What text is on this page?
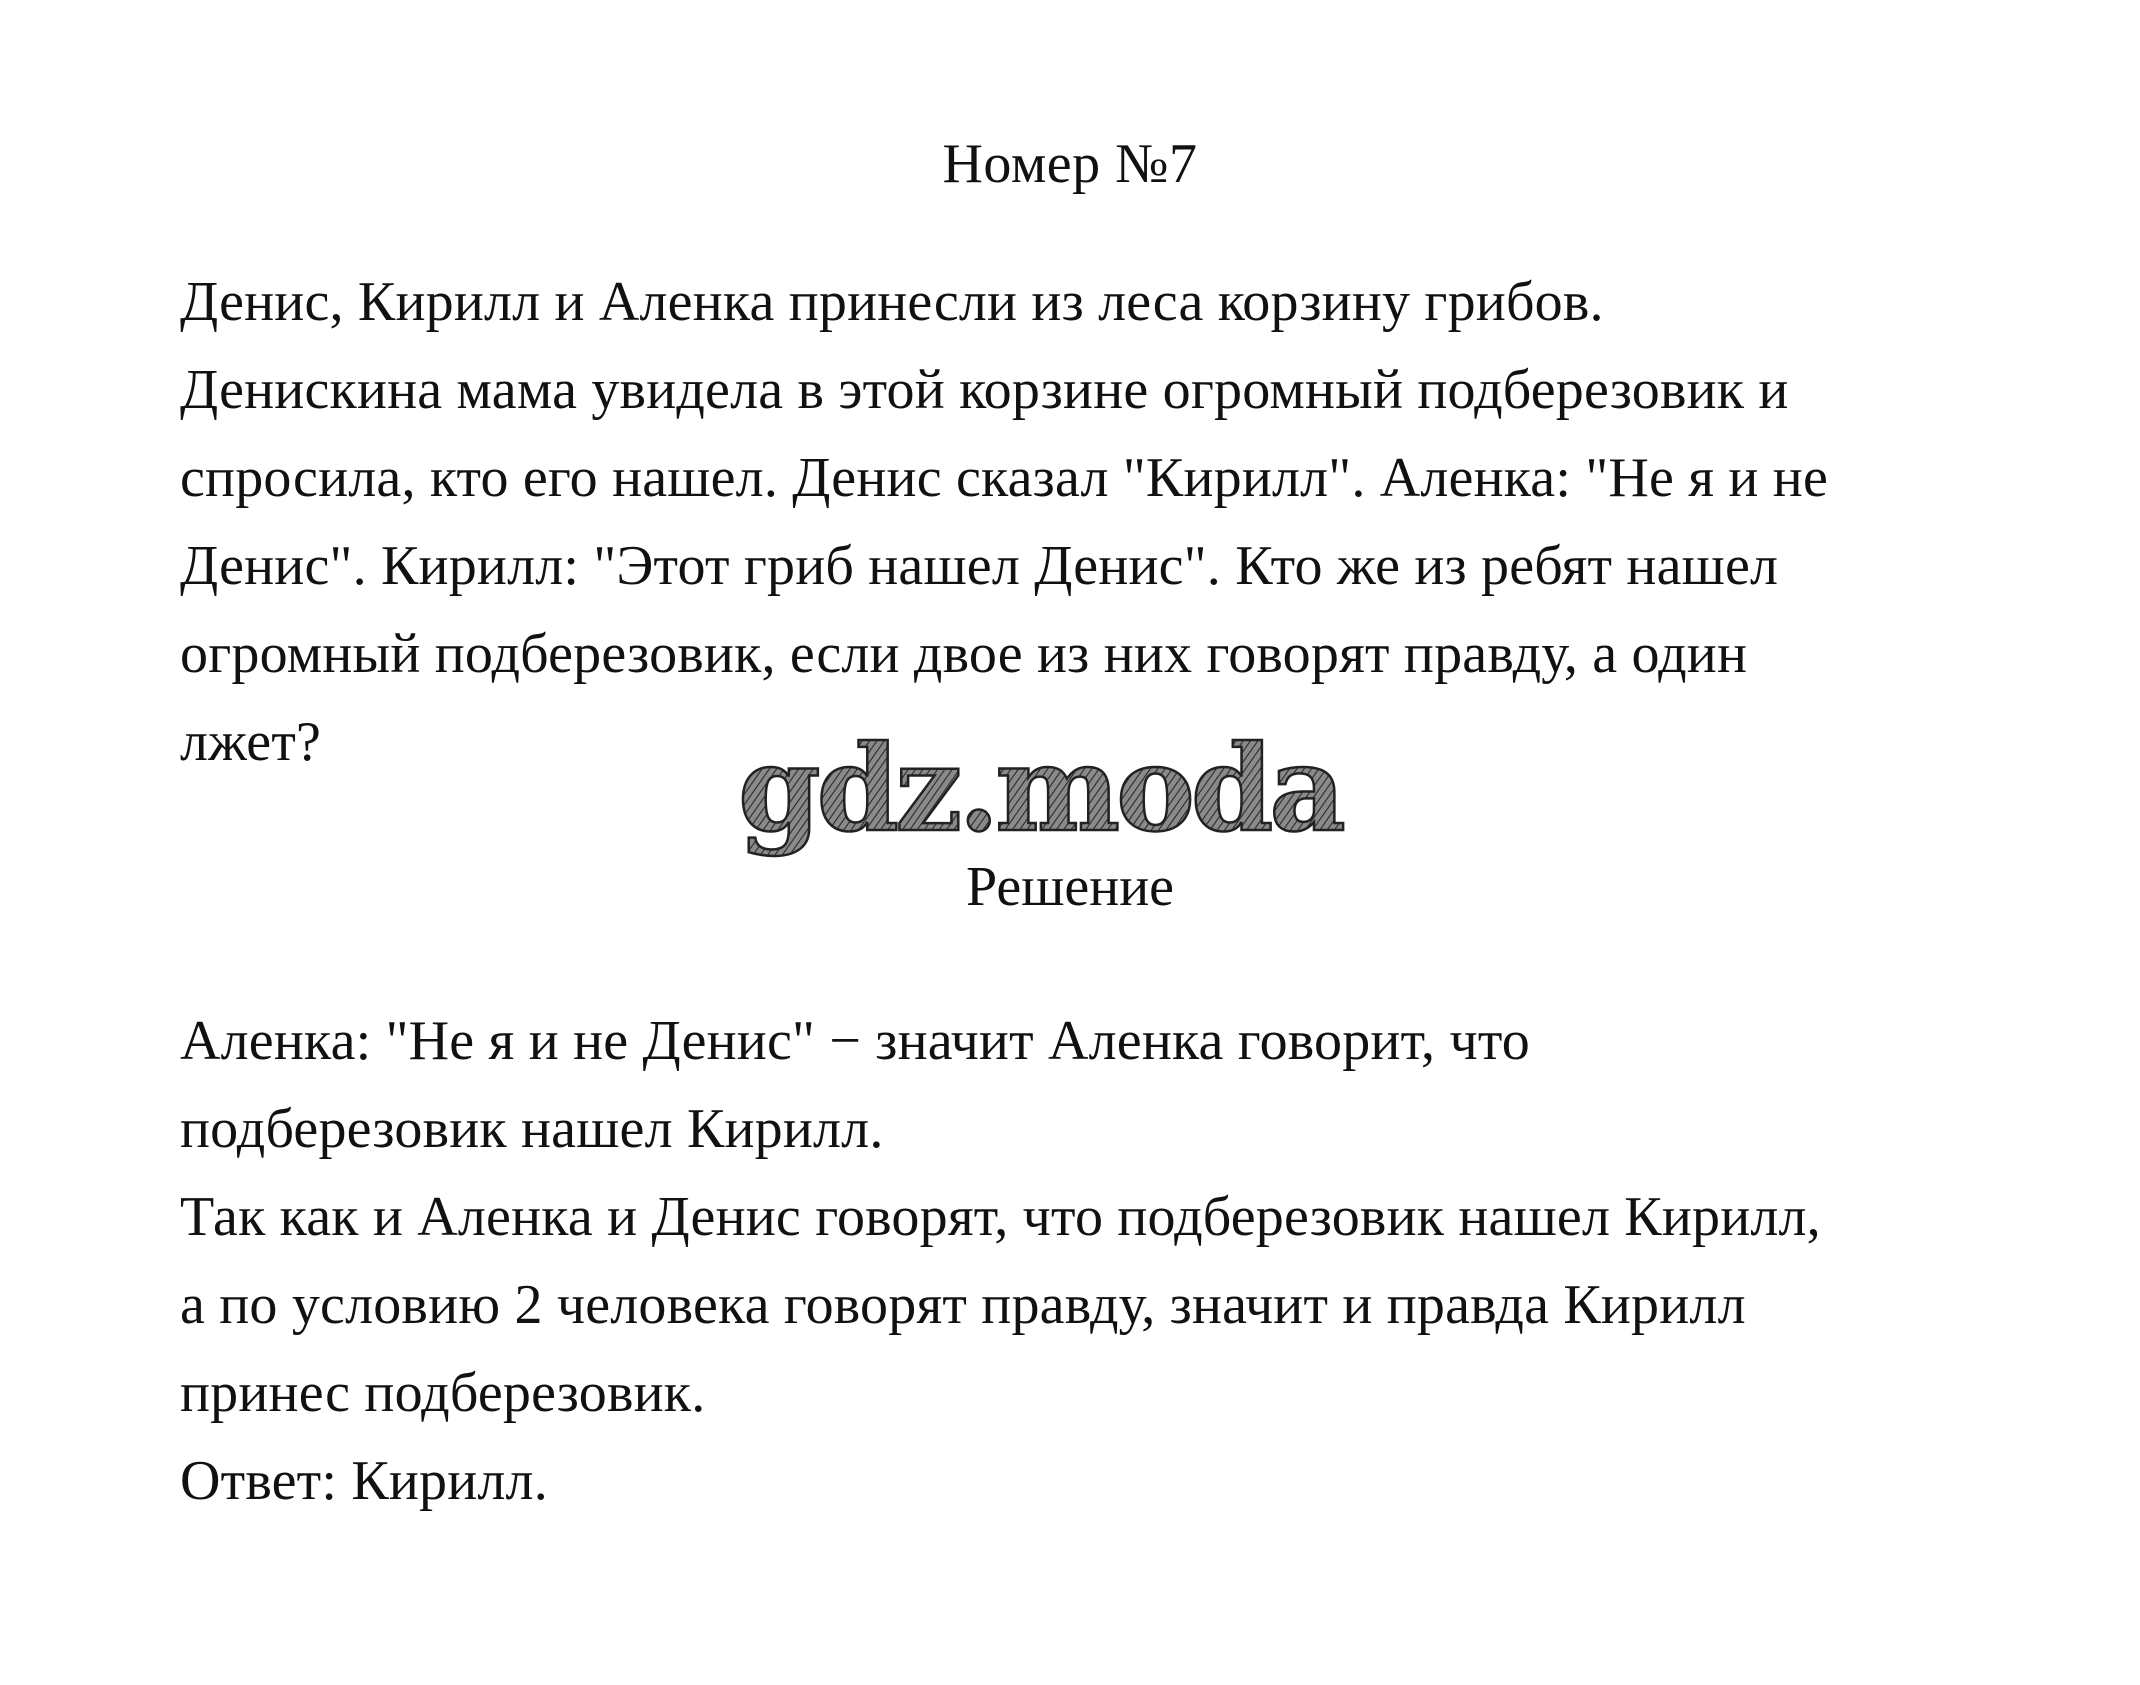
Номер №7
Денис, Кирилл и Аленка принесли из леса корзину грибов.
Денискина мама увидела в этой корзине огромный подберезовик и
спросила, кто его нашел. Денис сказал "Кирилл". Аленка: "Не я и не
Денис". Кирилл: "Этот гриб нашел Денис". Кто же из ребят нашел
огромный подберезовик, если двое из них говорят правду, а один
лжет?	gdz.moda
Решение
Аленка: "Не я и не Денис" − значит Аленка говорит, что
подберезовик нашел Кирилл.
Так как и Аленка и Денис говорят, что подберезовик нашел Кирилл,
а по условию 2 человека говорят правду, значит и правда Кирилл
принес подберезовик.
Ответ: Кирилл.
